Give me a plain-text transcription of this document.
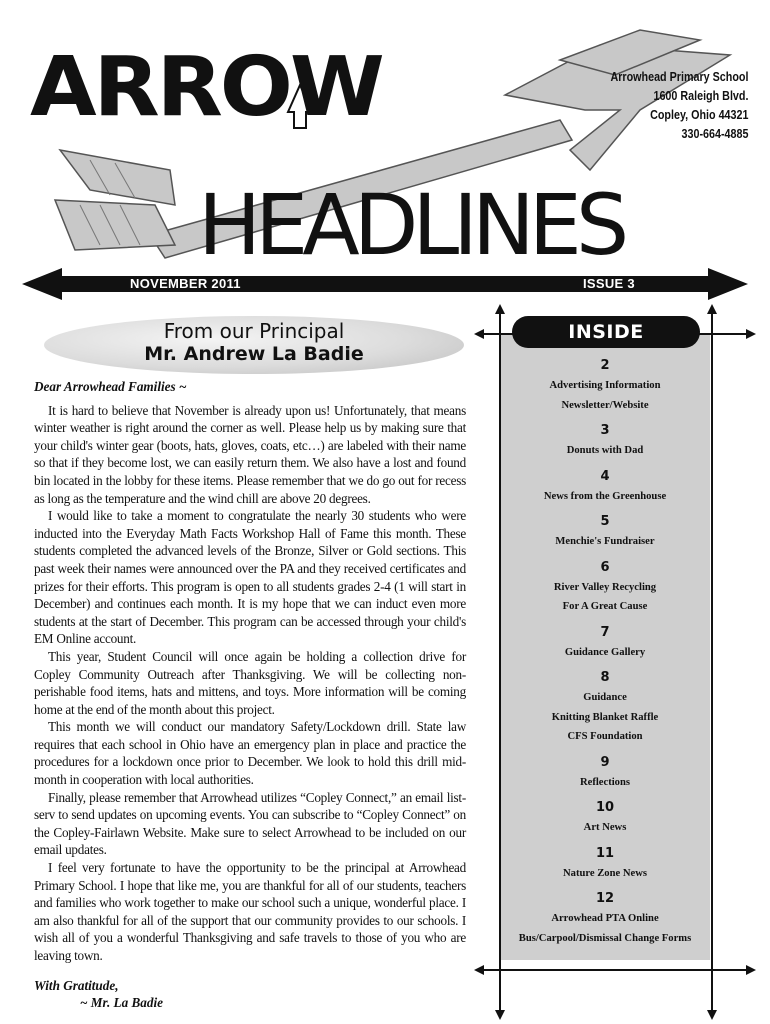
ARROW
HEADLINES
Arrowhead Primary School
1600 Raleigh Blvd.
Copley, Ohio 44321
330-664-4885
NOVEMBER 2011	ISSUE 3
From our Principal
Mr. Andrew La Badie
Dear Arrowhead Families ~

It is hard to believe that November is already upon us! Unfortunately, that means winter weather is right around the corner as well. Please help us by making sure that your child's winter gear (boots, hats, gloves, coats, etc…) are labeled with their name so that if they become lost, we can easily return them. We also have a lost and found bin located in the lobby for these items. Please remember that we do go out for recess as long as the temperature and the wind chill are above 20 degrees.

I would like to take a moment to congratulate the nearly 30 students who were inducted into the Everyday Math Facts Workshop Hall of Fame this month. These students completed the advanced levels of the Bronze, Silver or Gold sections. This past week their names were announced over the PA and they received certificates and prizes for their efforts. This program is open to all students grades 2-4 (1 will start in December) and continues each month. It is my hope that we can induct even more students at the start of December. This program can be accessed through your child's EM Online account.

This year, Student Council will once again be holding a collection drive for Copley Community Outreach after Thanksgiving. We will be collecting non-perishable food items, hats and mittens, and toys. More information will be coming home at the end of the month about this project.

This month we will conduct our mandatory Safety/Lockdown drill. State law requires that each school in Ohio have an emergency plan in place and practice the procedures for a lockdown once prior to December. We look to hold this drill mid-month in cooperation with local authorities.

Finally, please remember that Arrowhead utilizes “Copley Connect,” an email list-serv to send updates on upcoming events. You can subscribe to “Copley Connect” on the Copley-Fairlawn Website. Make sure to select Arrowhead to be included on our email updates.

I feel very fortunate to have the opportunity to be the principal at Arrowhead Primary School. I hope that like me, you are thankful for all of our students, teachers and families who work together to make our school such a unique, wonderful place. I am also thankful for all of the support that our community provides to our schools. I wish all of you a wonderful Thanksgiving and safe travels to those of you who are leaving town.

With Gratitude,
~ Mr. La Badie
INSIDE
2
Advertising Information
Newsletter/Website
3
Donuts with Dad
4
News from the Greenhouse
5
Menchie's Fundraiser
6
River Valley Recycling
For A Great Cause
7
Guidance Gallery
8
Guidance
Knitting Blanket Raffle
CFS Foundation
9
Reflections
10
Art News
11
Nature Zone News
12
Arrowhead PTA Online
Bus/Carpool/Dismissal Change Forms
